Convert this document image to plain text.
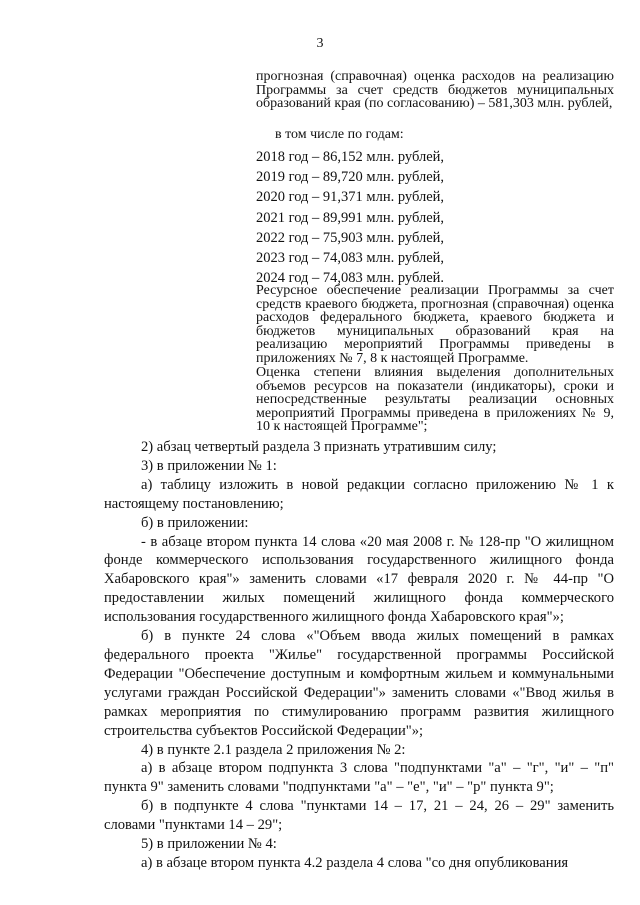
3

прогнозная (справочная) оценка расходов на реализацию Программы за счет средств бюджетов муниципальных образований края (по согласованию) – 581,303 млн. рублей,

в том числе по годам:

2018 год – 86,152 млн. рублей,
2019 год – 89,720 млн. рублей,
2020 год – 91,371 млн. рублей,
2021 год – 89,991 млн. рублей,
2022 год – 75,903 млн. рублей,
2023 год – 74,083 млн. рублей,
2024 год – 74,083 млн. рублей.

Ресурсное обеспечение реализации Программы за счет средств краевого бюджета, прогнозная (справочная) оценка расходов федерального бюджета, краевого бюджета и бюджетов муниципальных образований края на реализацию мероприятий Программы приведены в приложениях № 7, 8 к настоящей Программе.

Оценка степени влияния выделения дополнительных объемов ресурсов на показатели (индикаторы), сроки и непосредственные результаты реализации основных мероприятий Программы приведена в приложениях № 9, 10 к настоящей Программе";

2) абзац четвертый раздела 3 признать утратившим силу;

3) в приложении № 1:

а) таблицу изложить в новой редакции согласно приложению № 1 к настоящему постановлению;

б) в приложении:

- в абзаце втором пункта 14 слова «20 мая 2008 г. № 128-пр "О жилищном фонде коммерческого использования государственного жилищного фонда Хабаровского края"» заменить словами «17 февраля 2020 г. № 44-пр "О предоставлении жилых помещений жилищного фонда коммерческого использования государственного жилищного фонда Хабаровского края"»;

б) в пункте 24 слова «"Объем ввода жилых помещений в рамках федерального проекта "Жилье" государственной программы Российской Федерации "Обеспечение доступным и комфортным жильем и коммунальными услугами граждан Российской Федерации"» заменить словами «"Ввод жилья в рамках мероприятия по стимулированию программ развития жилищного строительства субъектов Российской Федерации"»;

4) в пункте 2.1 раздела 2 приложения № 2:

а) в абзаце втором подпункта 3 слова "подпунктами "а" – "г", "и" – "п" пункта 9" заменить словами "подпунктами "а" – "е", "и" – "р" пункта 9";

б) в подпункте 4 слова "пунктами 14 – 17, 21 – 24, 26 – 29" заменить словами "пунктами 14 – 29";

5) в приложении № 4:

а) в абзаце втором пункта 4.2 раздела 4 слова "со дня опубликования
